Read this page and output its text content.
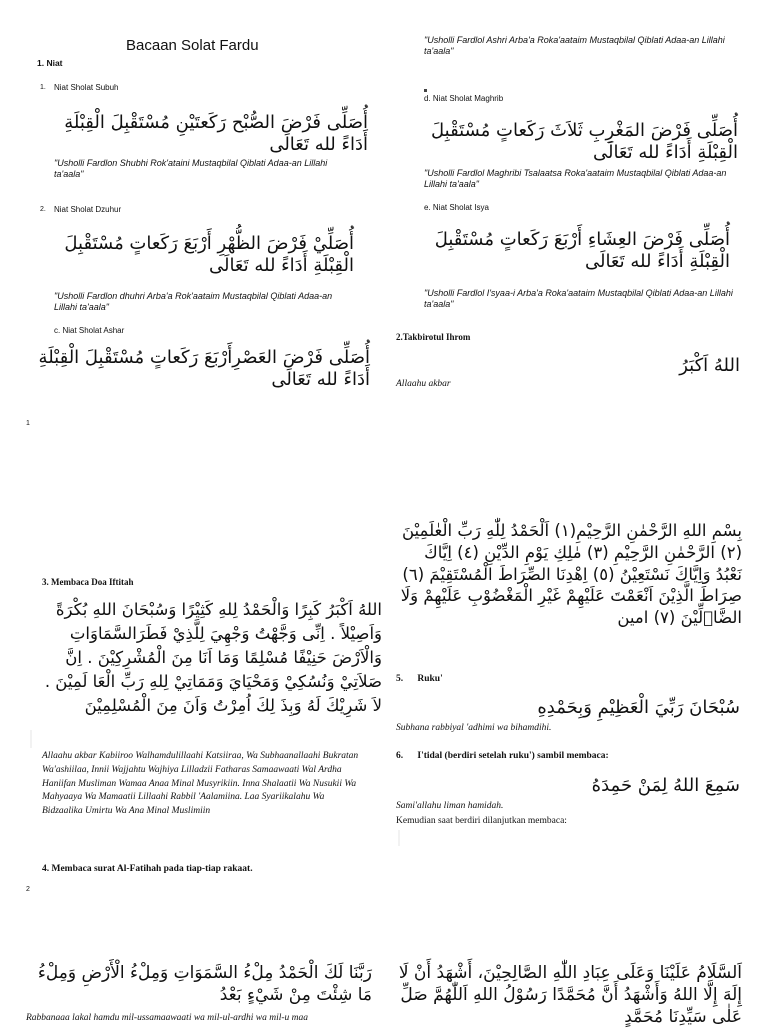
Bacaan Solat Fardu
1. Niat
1. Niat Sholat Subuh
أُصَلِّى فَرْضَ الصُّبْح رَكَعتَيْنِ مُسْتَقْبِلَ الْقِبْلَةِ أَدَاءً لله تَعَالَى
"Usholli Fardlon Shubhi Rok'ataini Mustaqbilal Qiblati Adaa-an Lillahi ta'aala"
2. Niat Sholat Dzuhur
أُصَلِّيْ فَرْضَ الظُّهْرِ أَرْبَعَ رَكَعاتٍ مُسْتَقْبِلَ الْقِبْلَةِ أَدَاءً لله تَعَالَى
"Usholli Fardlon dhuhri Arba'a Rok'aataim Mustaqbilal Qiblati Adaa-an Lillahi ta'aala"
c. Niat Sholat Ashar
أُصَلِّى فَرْضَ العَصْرِأَرْبَعَ رَكَعاتٍ مُسْتَقْبِلَ الْقِبْلَةِ أَدَاءً لله تَعَالَى
1
"Usholli Fardlol Ashri Arba'a Roka'aataim Mustaqbilal Qiblati Adaa-an Lillahi ta'aala"
d. Niat Sholat Maghrib
أُصَلِّى فَرْضَ المَغْرِبِ ثَلاَثَ رَكَعاتٍ مُسْتَقْبِلَ الْقِبْلَةِ أَدَاءً لله تَعَالَى
"Usholli Fardlol Maghribi Tsalaatsa Roka'aataim Mustaqbilal Qiblati Adaa-an Lillahi ta'aala"
e. Niat Sholat Isya
أُصَلِّى فَرْضَ العِشَاءِ أَرْبَعَ رَكَعاتٍ مُسْتَقْبِلَ الْقِبْلَةِ أَدَاءً لله تَعَالَى
"Usholli Fardlol I'syaa-i Arba'a Roka'aataim Mustaqbilal Qiblati Adaa-an Lillahi ta'aala"
2.Takbirotul Ihrom
اللهُ اَكْبَرُ
Allaahu akbar
3. Membaca Doa Iftitah
اللهُ اَكْبَرُ كَبِرًا وَالْحَمْدُ لِلهِ كَثِيْرًا وَسُبْحَانَ اللهِ بُكْرَةً وَاَصِيْلاً . اِنِّى وَجَّهْتُ وَجْهِيَ لِلَّذِيْ فَطَرَالسَّمَاوَاتِ وَالْاَرْضَ حَنِيْفًا مُسْلِمًا وَمَا اَنَا مِنَ الْمُشْرِكِيْنَ . اِنَّ صَلاَتِيْ وَنُسُكِيْ وَمَحْيَايَ وَمَمَاتِيْ لِلهِ رَبِّ الْعَا لَمِيْنَ . لاَ شَرِيْكَ لَهُ وَبِذَ لِكَ اُمِرْتُ وَاَنَ مِنَ الْمُسْلِمِيْنَ
Allaahu akbar Kabiiroo Walhamdulillaahi Katsiiraa, Wa Subhaanallaahi Bukratan Wa'ashiilaa, Innii Wajjahtu Wajhiya Lilladzii Fatharas Samaawaati Wal Ardha Haniifan Musliman Wamaa Anaa Minal Musyrikiin. Inna Shalaatii Wa Nusukii Wa Mahyaaya Wa Mamaatii Lillaahi Rabbil 'Aalamiina. Laa Syariikalahu Wa Bidzaalika Umirtu Wa Ana Minal Muslimiin
4. Membaca surat Al-Fatihah pada tiap-tiap rakaat.
2
بِسْمِ اللهِ الرَّحْمٰنِ الرَّحِيْمِ(١) اَلْحَمْدُ لِلّٰهِ رَبِّ الْعٰلَمِيْنَ (٢) الرَّحْمٰنِ الرَّحِيْمِ (٣) مٰلِكِ يَوْمِ الدِّيْنِ (٤) اِيَّاكَ نَعْبُدُ وَاِيَّاكَ نَسْتَعِيْنُ (٥) اِهْدِنَا الصِّرَاطَ الْمُسْتَقِيْمَ (٦) صِرَاطَ الَّذِيْنَ اَنْعَمْتَ عَلَيْهِمْ غَيْرِ الْمَغْضُوْبِ عَلَيْهِمْ وَلَا الضَّاۤلِّيْنَ (٧) امين
5.      Ruku'
سُبْحَانَ رَبِّيَ الْعَظِيْمِ وَبِحَمْدِهِ
Subhana rabbiyal 'adhimi wa bihamdihi.
6.      I'tidal (berdiri setelah ruku') sambil membaca:
سَمِعَ اللهُ لِمَنْ حَمِدَهُ
Sami'allahu liman hamidah.
Kemudian saat berdiri dilanjutkan membaca:
رَبَّنَا لَكَ الْحَمْدُ مِلْءُ السَّمَوَاتِ وَمِلْءُ الْأَرْضِ وَمِلْءُ مَا شِئْتَ مِنْ شَيْءٍ بَعْدُ
Rabbanaaa lakal hamdu mil-ussamaawaati wa mil-ul-ardhi wa mil-u maa
اَلسَّلَامُ عَلَيْنَا وَعَلَى عِبَادِ اللّٰهِ الصَّالِحِيْنَ، أَشْهَدُ أَنْ لَا إِلَهَ إِلَّا اللهُ وَأَشْهَدُ أَنَّ مُحَمَّدًا رَسُوْلُ اللهِ اَللّٰهُمَّ صَلِّ عَلٰى سَيِّدِنَا مُحَمَّدٍ
